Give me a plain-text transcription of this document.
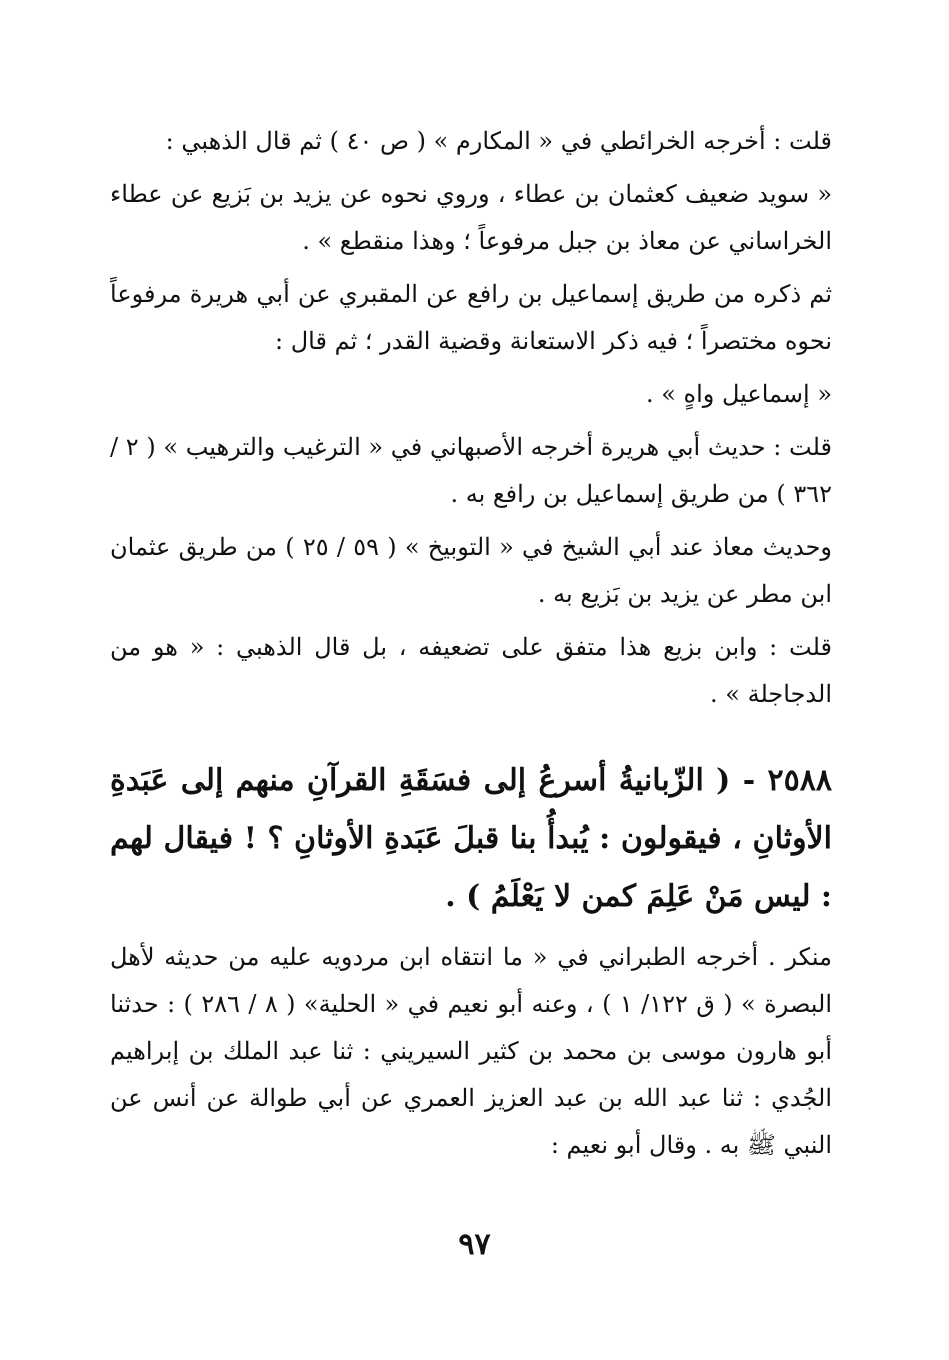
قلت : أخرجه الخرائطي في « المكارم » ( ص ٤٠ ) ثم قال الذهبي :

« سويد ضعيف كعثمان بن عطاء ، وروي نحوه عن يزيد بن بَزيع عن عطاء الخراساني عن معاذ بن جبل مرفوعاً ؛ وهذا منقطع » .

ثم ذكره من طريق إسماعيل بن رافع عن المقبري عن أبي هريرة مرفوعاً نحوه مختصراً ؛ فيه ذكر الاستعانة وقضية القدر ؛ ثم قال :

« إسماعيل واهٍ » .

قلت : حديث أبي هريرة أخرجه الأصبهاني في « الترغيب والترهيب » ( ٢ / ٣٦٢ ) من طريق إسماعيل بن رافع به .

وحديث معاذ عند أبي الشيخ في « التوبيخ » ( ٥٩ / ٢٥ ) من طريق عثمان ابن مطر عن يزيد بن بَزيع به .

قلت : وابن بزيع هذا متفق على تضعيفه ، بل قال الذهبي : « هو من الدجاجلة » .

٢٥٨٨ - ( الزّبانيةُ أسرعُ إلى فسَقَةِ القرآنِ منهم إلى عَبَدةِ الأوثانِ ، فيقولون : يُبدأُ بنا قبلَ عَبَدةِ الأوثانِ ؟ ! فيقال لهم : ليس مَنْ عَلِمَ كمن لا يَعْلَمُ ) .

منكر . أخرجه الطبراني في « ما انتقاه ابن مردويه عليه من حديثه لأهل البصرة » ( ق ١٢٢/ ١ ) ، وعنه أبو نعيم في « الحلية» ( ٨ / ٢٨٦ ) : حدثنا أبو هارون موسى بن محمد بن كثير السيريني : ثنا عبد الملك بن إبراهيم الجُدي : ثنا عبد الله بن عبد العزيز العمري عن أبي طوالة عن أنس عن النبي ﷺ به . وقال أبو نعيم :

٩٧
